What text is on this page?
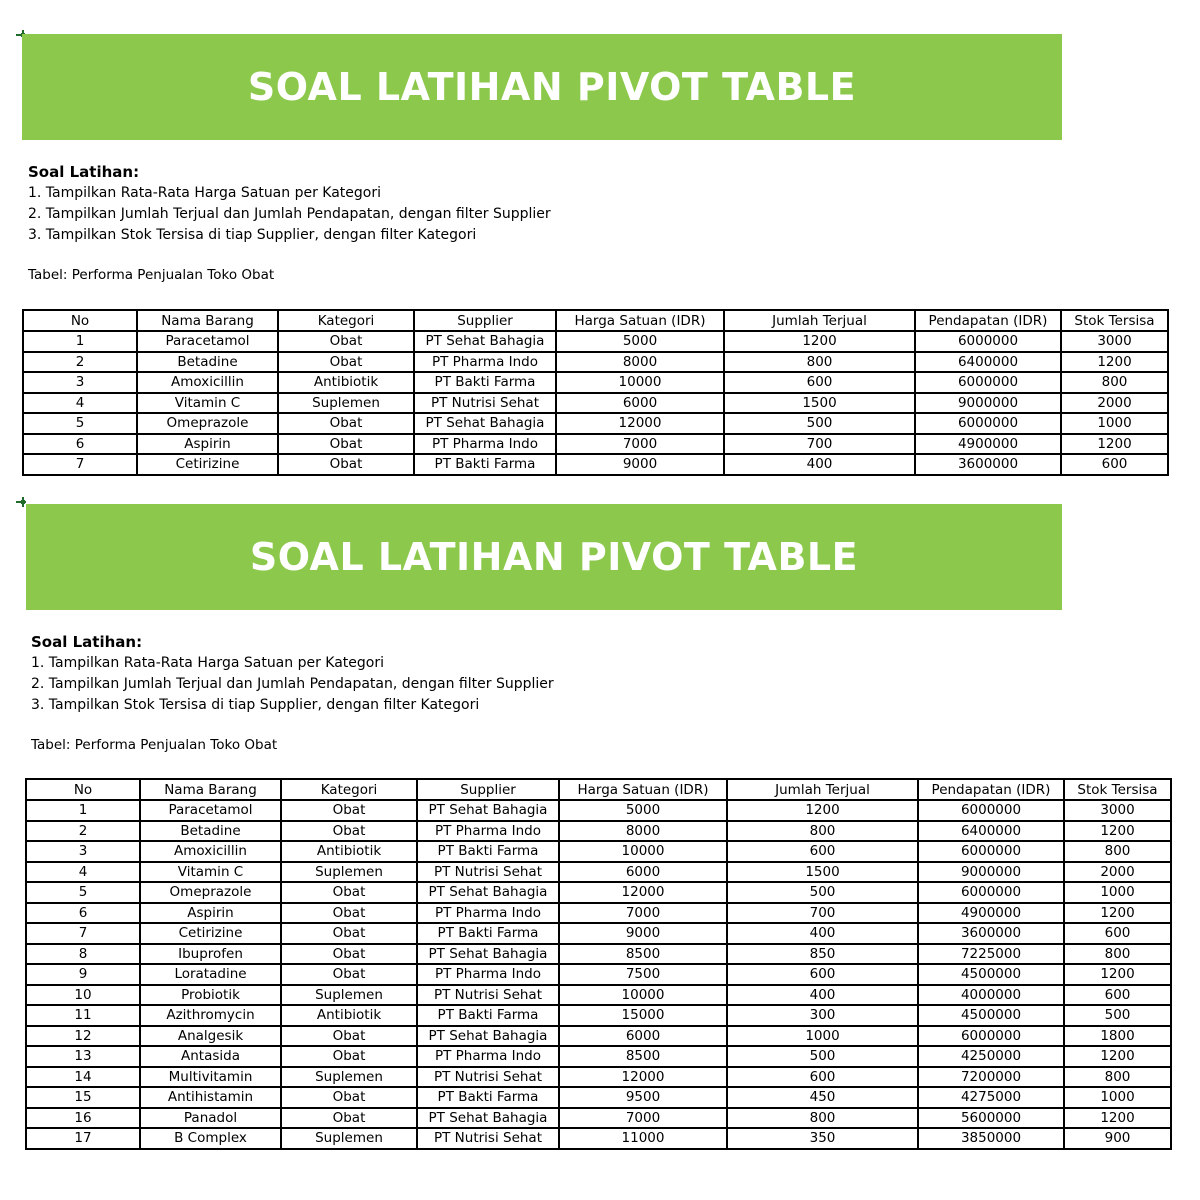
SOAL LATIHAN PIVOT TABLE
Soal Latihan:
1. Tampilkan Rata-Rata Harga Satuan per Kategori
2. Tampilkan Jumlah Terjual dan Jumlah Pendapatan, dengan filter Supplier
3. Tampilkan Stok Tersisa di tiap Supplier, dengan filter Kategori
Tabel: Performa Penjualan Toko Obat
No	Nama Barang	Kategori	Supplier	Harga Satuan (IDR)	Jumlah Terjual	Pendapatan (IDR)	Stok Tersisa
1	Paracetamol	Obat	PT Sehat Bahagia	5000	1200	6000000	3000
2	Betadine	Obat	PT Pharma Indo	8000	800	6400000	1200
3	Amoxicillin	Antibiotik	PT Bakti Farma	10000	600	6000000	800
4	Vitamin C	Suplemen	PT Nutrisi Sehat	6000	1500	9000000	2000
5	Omeprazole	Obat	PT Sehat Bahagia	12000	500	6000000	1000
6	Aspirin	Obat	PT Pharma Indo	7000	700	4900000	1200
7	Cetirizine	Obat	PT Bakti Farma	9000	400	3600000	600
SOAL LATIHAN PIVOT TABLE
Soal Latihan:
1. Tampilkan Rata-Rata Harga Satuan per Kategori
2. Tampilkan Jumlah Terjual dan Jumlah Pendapatan, dengan filter Supplier
3. Tampilkan Stok Tersisa di tiap Supplier, dengan filter Kategori
Tabel: Performa Penjualan Toko Obat
No	Nama Barang	Kategori	Supplier	Harga Satuan (IDR)	Jumlah Terjual	Pendapatan (IDR)	Stok Tersisa
1	Paracetamol	Obat	PT Sehat Bahagia	5000	1200	6000000	3000
2	Betadine	Obat	PT Pharma Indo	8000	800	6400000	1200
3	Amoxicillin	Antibiotik	PT Bakti Farma	10000	600	6000000	800
4	Vitamin C	Suplemen	PT Nutrisi Sehat	6000	1500	9000000	2000
5	Omeprazole	Obat	PT Sehat Bahagia	12000	500	6000000	1000
6	Aspirin	Obat	PT Pharma Indo	7000	700	4900000	1200
7	Cetirizine	Obat	PT Bakti Farma	9000	400	3600000	600
8	Ibuprofen	Obat	PT Sehat Bahagia	8500	850	7225000	800
9	Loratadine	Obat	PT Pharma Indo	7500	600	4500000	1200
10	Probiotik	Suplemen	PT Nutrisi Sehat	10000	400	4000000	600
11	Azithromycin	Antibiotik	PT Bakti Farma	15000	300	4500000	500
12	Analgesik	Obat	PT Sehat Bahagia	6000	1000	6000000	1800
13	Antasida	Obat	PT Pharma Indo	8500	500	4250000	1200
14	Multivitamin	Suplemen	PT Nutrisi Sehat	12000	600	7200000	800
15	Antihistamin	Obat	PT Bakti Farma	9500	450	4275000	1000
16	Panadol	Obat	PT Sehat Bahagia	7000	800	5600000	1200
17	B Complex	Suplemen	PT Nutrisi Sehat	11000	350	3850000	900
